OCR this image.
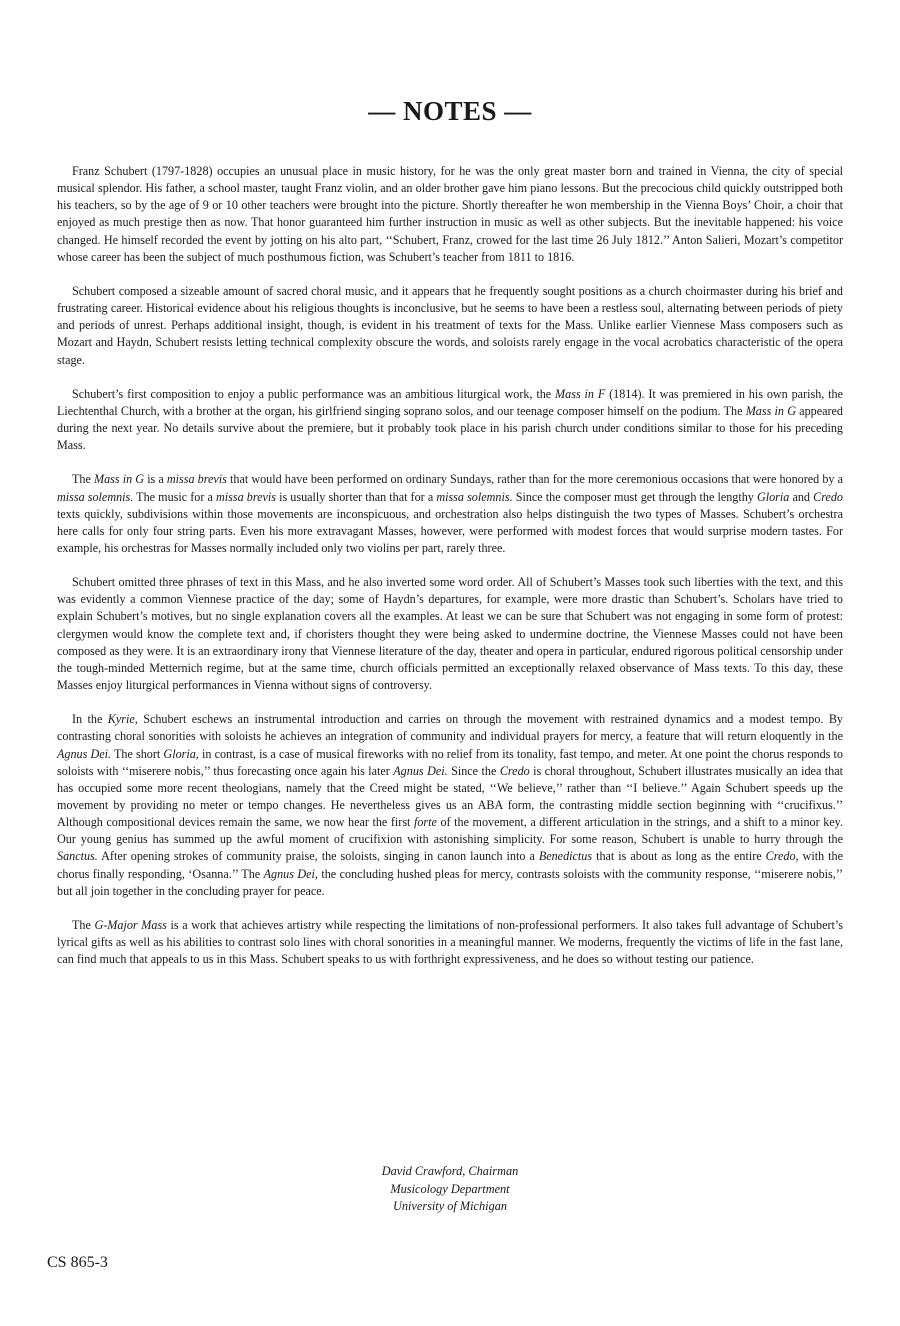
— NOTES —

Franz Schubert (1797-1828) occupies an unusual place in music history, for he was the only great master born and trained in Vienna, the city of special musical splendor. His father, a school master, taught Franz violin, and an older brother gave him piano lessons. But the precocious child quickly outstripped both his teachers, so by the age of 9 or 10 other teachers were brought into the picture. Shortly thereafter he won membership in the Vienna Boys’ Choir, a choir that enjoyed as much prestige then as now. That honor guaranteed him further instruction in music as well as other subjects. But the inevitable happened: his voice changed. He himself recorded the event by jotting on his alto part, ‘‘Schubert, Franz, crowed for the last time 26 July 1812.’’ Anton Salieri, Mozart’s competitor whose career has been the subject of much posthumous fiction, was Schubert’s teacher from 1811 to 1816.

Schubert composed a sizeable amount of sacred choral music, and it appears that he frequently sought positions as a church choirmaster during his brief and frustrating career. Historical evidence about his religious thoughts is inconclusive, but he seems to have been a restless soul, alternating between periods of piety and periods of unrest. Perhaps additional insight, though, is evident in his treatment of texts for the Mass. Unlike earlier Viennese Mass composers such as Mozart and Haydn, Schubert resists letting technical complexity obscure the words, and soloists rarely engage in the vocal acrobatics characteristic of the opera stage.

Schubert’s first composition to enjoy a public performance was an ambitious liturgical work, the Mass in F (1814). It was premiered in his own parish, the Liechtenthal Church, with a brother at the organ, his girlfriend singing soprano solos, and our teenage composer himself on the podium. The Mass in G appeared during the next year. No details survive about the premiere, but it probably took place in his parish church under conditions similar to those for his preceding Mass.

The Mass in G is a missa brevis that would have been performed on ordinary Sundays, rather than for the more ceremonious occasions that were honored by a missa solemnis. The music for a missa brevis is usually shorter than that for a missa solemnis. Since the composer must get through the lengthy Gloria and Credo texts quickly, subdivisions within those movements are inconspicuous, and orchestration also helps distinguish the two types of Masses. Schubert’s orchestra here calls for only four string parts. Even his more extravagant Masses, however, were performed with modest forces that would surprise modern tastes. For example, his orchestras for Masses normally included only two violins per part, rarely three.

Schubert omitted three phrases of text in this Mass, and he also inverted some word order. All of Schubert’s Masses took such liberties with the text, and this was evidently a common Viennese practice of the day; some of Haydn’s departures, for example, were more drastic than Schubert’s. Scholars have tried to explain Schubert’s motives, but no single explanation covers all the examples. At least we can be sure that Schubert was not engaging in some form of protest: clergymen would know the complete text and, if choristers thought they were being asked to undermine doctrine, the Viennese Masses could not have been composed as they were. It is an extraordinary irony that Viennese literature of the day, theater and opera in particular, endured rigorous political censorship under the tough-minded Metternich regime, but at the same time, church officials permitted an exceptionally relaxed observance of Mass texts. To this day, these Masses enjoy liturgical performances in Vienna without signs of controversy.

In the Kyrie, Schubert eschews an instrumental introduction and carries on through the movement with restrained dynamics and a modest tempo. By contrasting choral sonorities with soloists he achieves an integration of community and individual prayers for mercy, a feature that will return eloquently in the Agnus Dei. The short Gloria, in contrast, is a case of musical fireworks with no relief from its tonality, fast tempo, and meter. At one point the chorus responds to soloists with ‘‘miserere nobis,’’ thus forecasting once again his later Agnus Dei. Since the Credo is choral throughout, Schubert illustrates musically an idea that has occupied some more recent theologians, namely that the Creed might be stated, ‘‘We believe,’’ rather than ‘‘I believe.’’ Again Schubert speeds up the movement by providing no meter or tempo changes. He nevertheless gives us an ABA form, the contrasting middle section beginning with ‘‘crucifixus.’’ Although compositional devices remain the same, we now hear the first forte of the movement, a different articulation in the strings, and a shift to a minor key. Our young genius has summed up the awful moment of crucifixion with astonishing simplicity. For some reason, Schubert is unable to hurry through the Sanctus. After opening strokes of community praise, the soloists, singing in canon launch into a Benedictus that is about as long as the entire Credo, with the chorus finally responding, ‘Osanna.’’ The Agnus Dei, the concluding hushed pleas for mercy, contrasts soloists with the community response, ‘‘miserere nobis,’’ but all join together in the concluding prayer for peace.

The G-Major Mass is a work that achieves artistry while respecting the limitations of non-professional performers. It also takes full advantage of Schubert’s lyrical gifts as well as his abilities to contrast solo lines with choral sonorities in a meaningful manner. We moderns, frequently the victims of life in the fast lane, can find much that appeals to us in this Mass. Schubert speaks to us with forthright expressiveness, and he does so without testing our patience.

David Crawford, Chairman
Musicology Department
University of Michigan
CS 865-3
